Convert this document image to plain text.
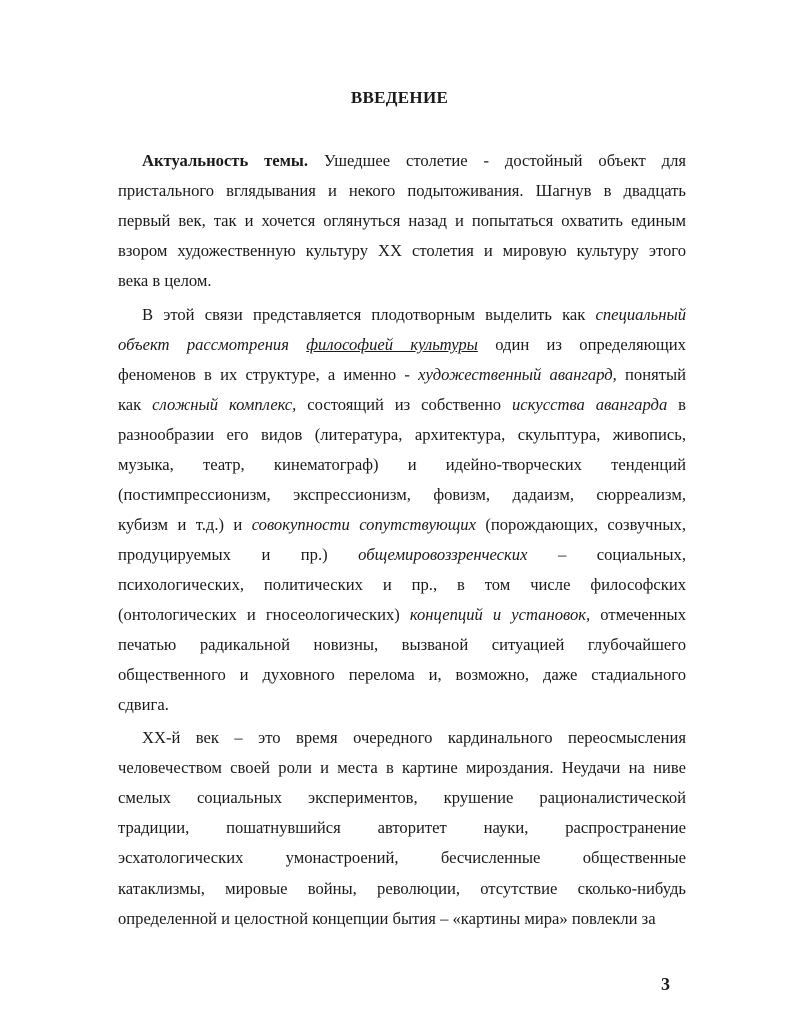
ВВЕДЕНИЕ
Актуальность темы. Ушедшее столетие - достойный объект для
пристального вглядывания и некого подытоживания. Шагнув в двадцать
первый век, так и хочется оглянуться назад и попытаться охватить единым
взором художественную культуру XX столетия и мировую культуру этого
века в целом.
В этой связи представляется плодотворным выделить как специальный
объект рассмотрения философией культуры один из определяющих
феноменов в их структуре, а именно - художественный авангард, понятый
как сложный комплекс, состоящий из собственно искусства авангарда в
разнообразии его видов (литература, архитектура, скульптура, живопись,
музыка, театр, кинематограф) и идейно-творческих тенденций
(постимпрессионизм, экспрессионизм, фовизм, дадаизм, сюрреализм,
кубизм и т.д.) и совокупности сопутствующих (порождающих, созвучных,
продуцируемых и пр.) общемировоззренческих – социальных,
психологических, политических и пр., в том числе философских
(онтологических и гносеологических) концепций и установок, отмеченных
печатью радикальной новизны, вызваной ситуацией глубочайшего
общественного и духовного перелома и, возможно, даже стадиального
сдвига.
XX-й век – это время очередного кардинального переосмысления
человечеством своей роли и места в картине мироздания. Неудачи на ниве
смелых социальных экспериментов, крушение рационалистической
традиции, пошатнувшийся авторитет науки, распространение
эсхатологических умонастроений, бесчисленные общественные
катаклизмы, мировые войны, революции, отсутствие сколько-нибудь
определенной и целостной концепции бытия – «картины мира» повлекли за
3
